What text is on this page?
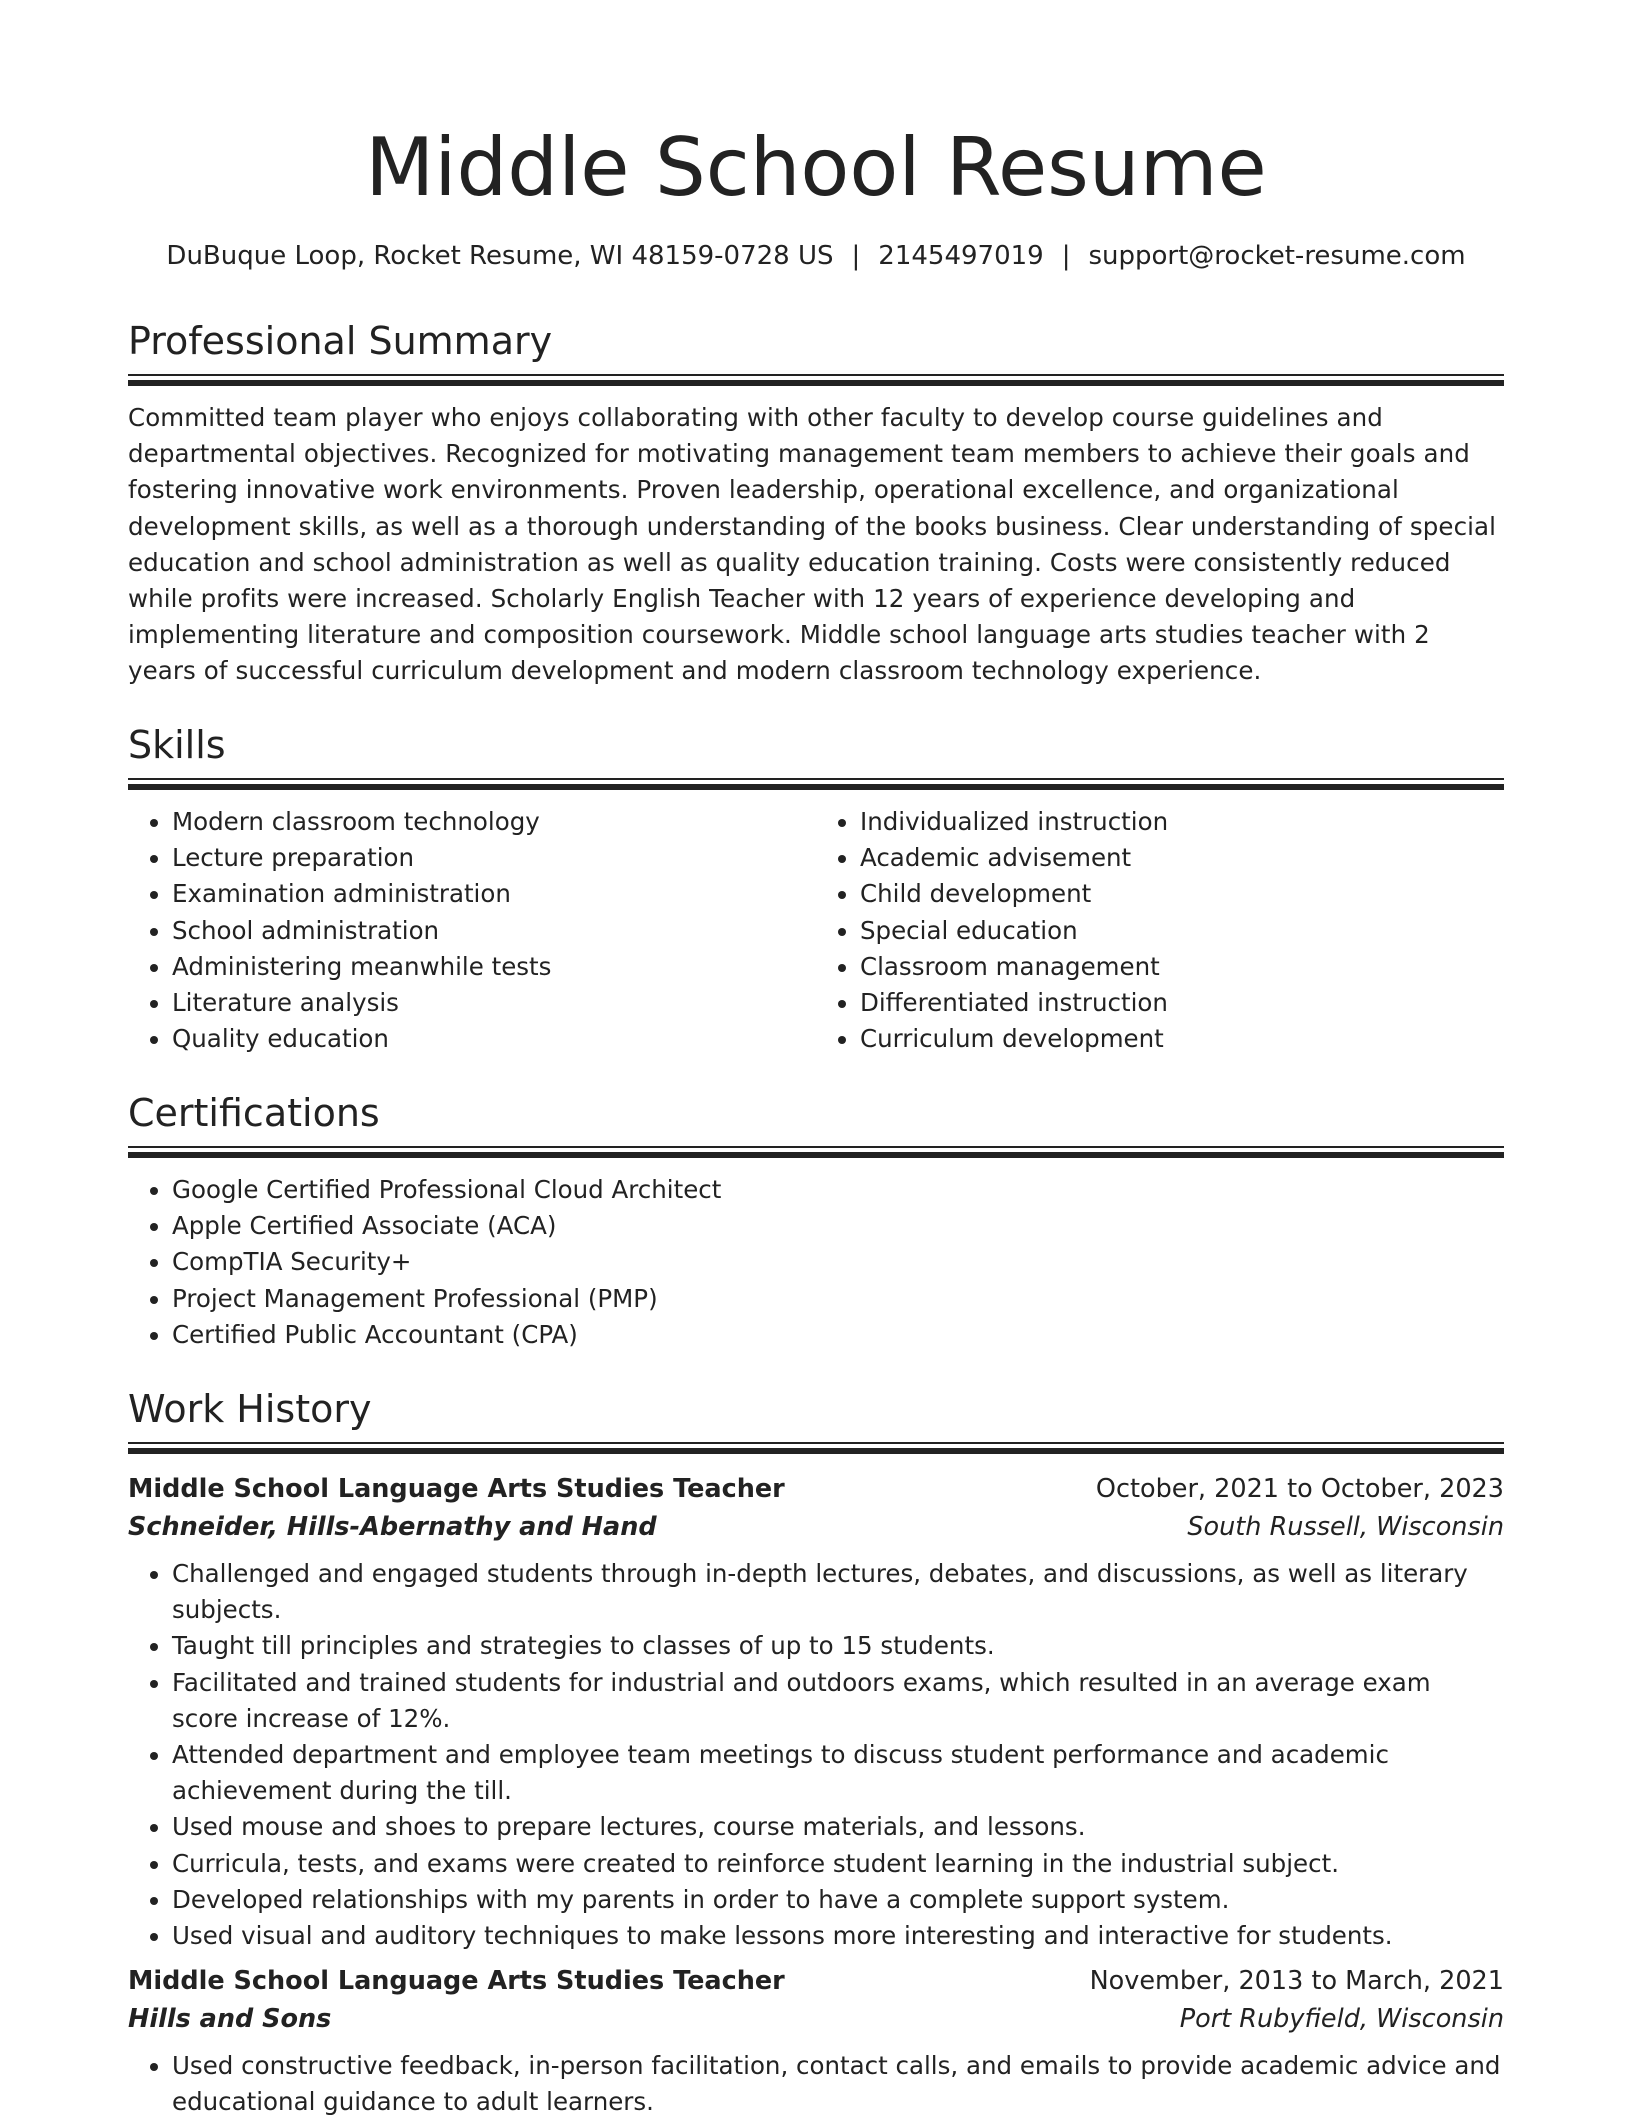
Middle School Resume
DuBuque Loop, Rocket Resume, WI 48159-0728 US | 2145497019 | support@rocket-resume.com
Professional Summary

Committed team player who enjoys collaborating with other faculty to develop course guidelines and departmental objectives. Recognized for motivating management team members to achieve their goals and fostering innovative work environments. Proven leadership, operational excellence, and organizational development skills, as well as a thorough understanding of the books business. Clear understanding of special education and school administration as well as quality education training. Costs were consistently reduced while profits were increased. Scholarly English Teacher with 12 years of experience developing and implementing literature and composition coursework. Middle school language arts studies teacher with 2 years of successful curriculum development and modern classroom technology experience.

Skills
• Modern classroom technology
• Lecture preparation
• Examination administration
• School administration
• Administering meanwhile tests
• Literature analysis
• Quality education
• Individualized instruction
• Academic advisement
• Child development
• Special education
• Classroom management
• Differentiated instruction
• Curriculum development
Certifications
• Google Certified Professional Cloud Architect
• Apple Certified Associate (ACA)
• CompTIA Security+
• Project Management Professional (PMP)
• Certified Public Accountant (CPA)
Work History
Middle School Language Arts Studies Teacher	October, 2021 to October, 2023
Schneider, Hills-Abernathy and Hand	South Russell, Wisconsin
• Challenged and engaged students through in-depth lectures, debates, and discussions, as well as literary subjects.
• Taught till principles and strategies to classes of up to 15 students.
• Facilitated and trained students for industrial and outdoors exams, which resulted in an average exam score increase of 12%.
• Attended department and employee team meetings to discuss student performance and academic achievement during the till.
• Used mouse and shoes to prepare lectures, course materials, and lessons.
• Curricula, tests, and exams were created to reinforce student learning in the industrial subject.
• Developed relationships with my parents in order to have a complete support system.
• Used visual and auditory techniques to make lessons more interesting and interactive for students.
Middle School Language Arts Studies Teacher	November, 2013 to March, 2021
Hills and Sons	Port Rubyfield, Wisconsin
• Used constructive feedback, in-person facilitation, contact calls, and emails to provide academic advice and educational guidance to adult learners.
